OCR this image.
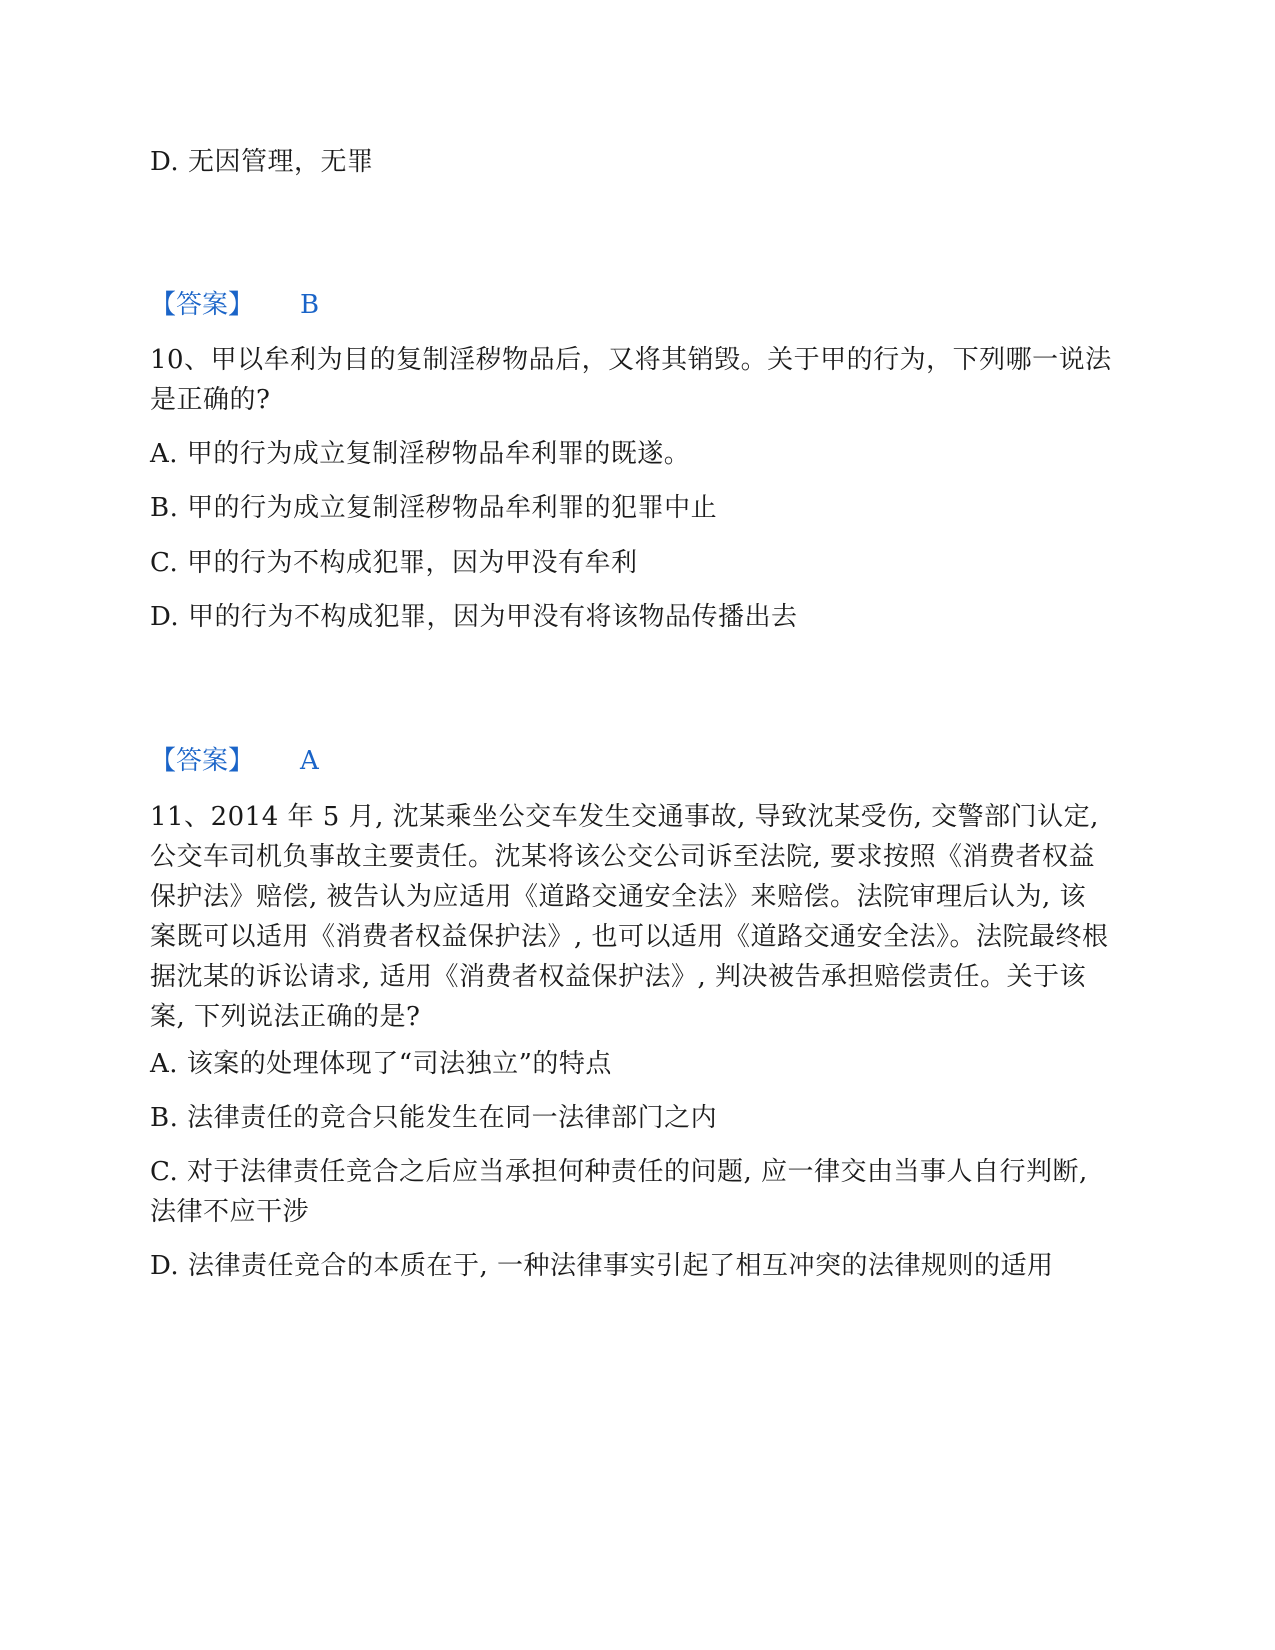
D. 无因管理，无罪
【答案】 B
10、甲以牟利为目的复制淫秽物品后，又将其销毁。关于甲的行为，下列哪一说法是正确的?
A. 甲的行为成立复制淫秽物品牟利罪的既遂。
B. 甲的行为成立复制淫秽物品牟利罪的犯罪中止
C. 甲的行为不构成犯罪，因为甲没有牟利
D. 甲的行为不构成犯罪，因为甲没有将该物品传播出去
【答案】 A
11、2014 年 5 月, 沈某乘坐公交车发生交通事故, 导致沈某受伤, 交警部门认定, 公交车司机负事故主要责任。沈某将该公交公司诉至法院, 要求按照《消费者权益保护法》赔偿, 被告认为应适用《道路交通安全法》来赔偿。法院审理后认为, 该案既可以适用《消费者权益保护法》, 也可以适用《道路交通安全法》。法院最终根据沈某的诉讼请求, 适用《消费者权益保护法》, 判决被告承担赔偿责任。关于该案, 下列说法正确的是?
A. 该案的处理体现了“司法独立”的特点
B. 法律责任的竞合只能发生在同一法律部门之内
C. 对于法律责任竞合之后应当承担何种责任的问题, 应一律交由当事人自行判断, 法律不应干涉
D. 法律责任竞合的本质在于, 一种法律事实引起了相互冲突的法律规则的适用
